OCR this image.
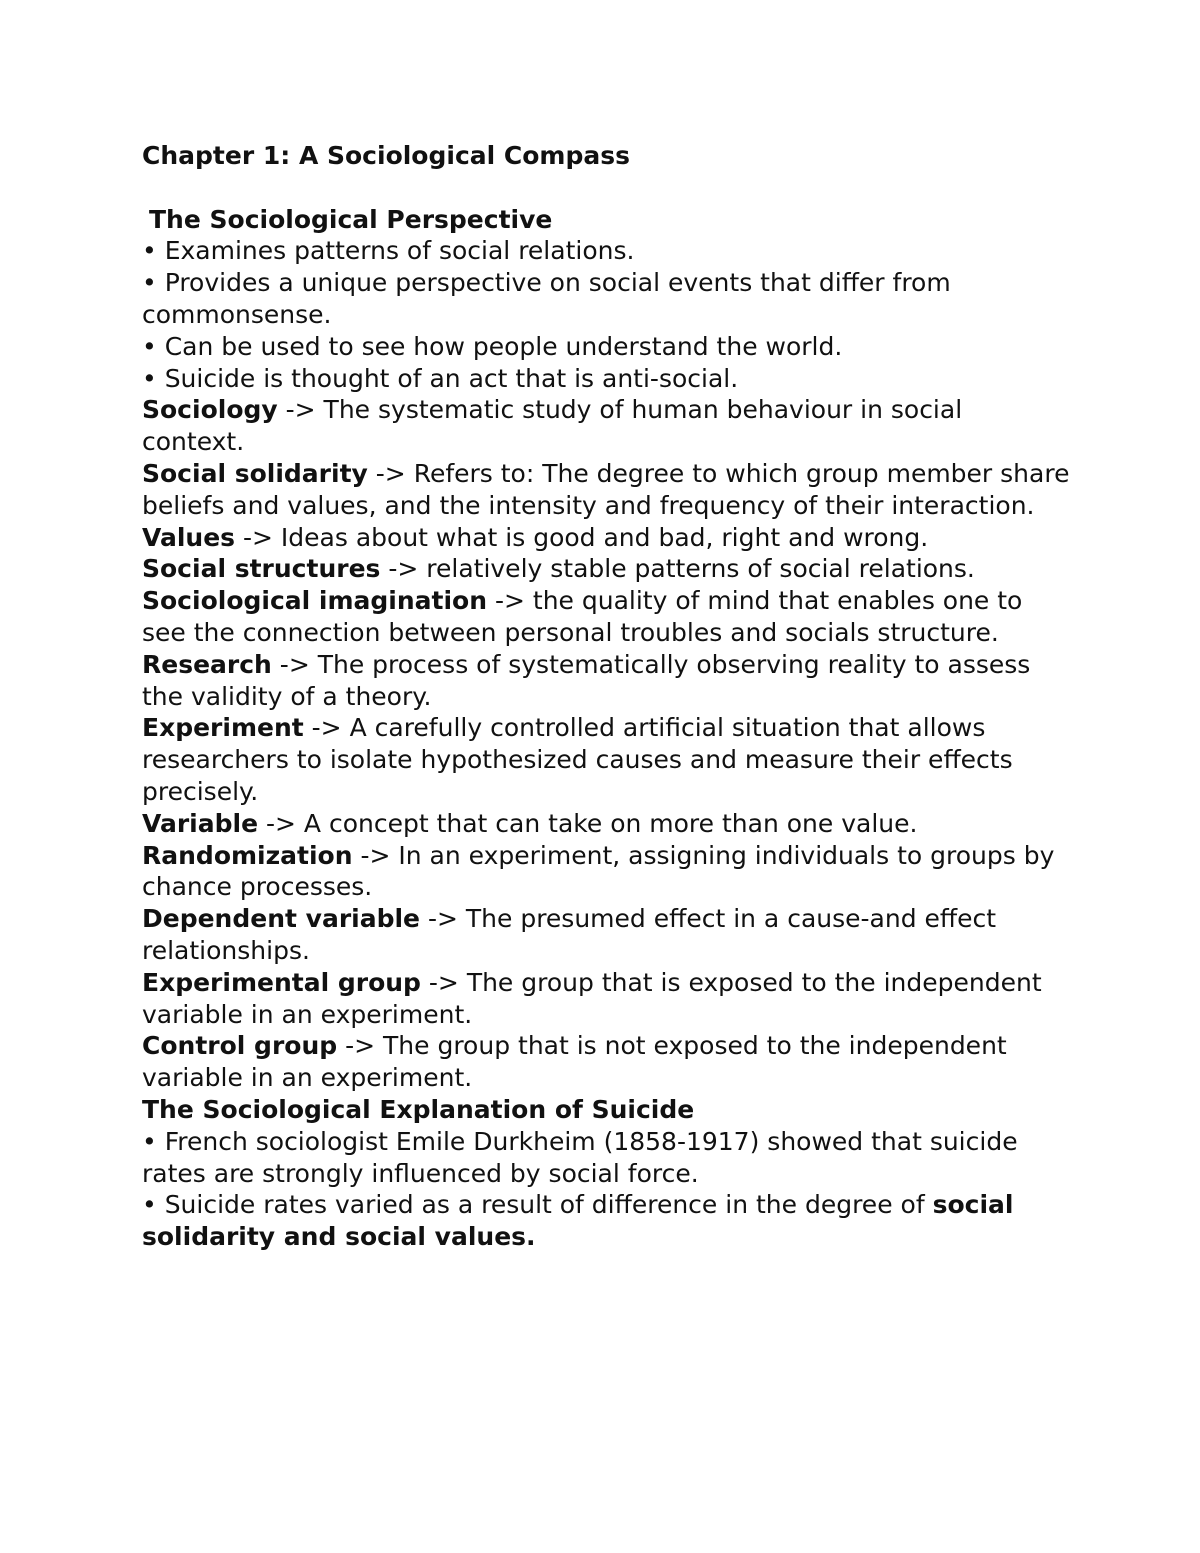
Chapter 1: A Sociological Compass

The Sociological Perspective

• Examines patterns of social relations.

• Provides a unique perspective on social events that differ from commonsense.

• Can be used to see how people understand the world.

• Suicide is thought of an act that is anti-social.

Sociology -> The systematic study of human behaviour in social context.

Social solidarity -> Refers to: The degree to which group member share beliefs and values, and the intensity and frequency of their interaction.

Values -> Ideas about what is good and bad, right and wrong.

Social structures -> relatively stable patterns of social relations.

Sociological imagination -> the quality of mind that enables one to see the connection between personal troubles and socials structure.

Research -> The process of systematically observing reality to assess the validity of a theory.

Experiment -> A carefully controlled artificial situation that allows researchers to isolate hypothesized causes and measure their effects precisely.

Variable -> A concept that can take on more than one value.

Randomization -> In an experiment, assigning individuals to groups by chance processes.

Dependent variable -> The presumed effect in a cause-and effect relationships.

Experimental group -> The group that is exposed to the independent variable in an experiment.

Control group -> The group that is not exposed to the independent variable in an experiment.

The Sociological Explanation of Suicide

• French sociologist Emile Durkheim (1858-1917) showed that suicide rates are strongly influenced by social force.

• Suicide rates varied as a result of difference in the degree of social solidarity and social values.
